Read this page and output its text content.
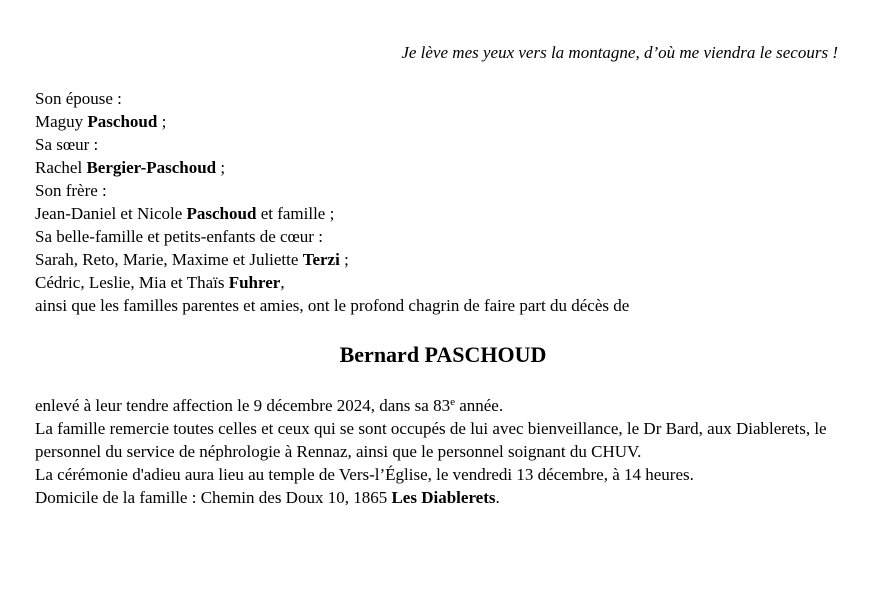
Je lève mes yeux vers la montagne, d’où me viendra le secours !
Son épouse :
Maguy Paschoud ;
Sa sœur :
Rachel Bergier-Paschoud ;
Son frère :
Jean-Daniel et Nicole Paschoud et famille ;
Sa belle-famille et petits-enfants de cœur :
Sarah, Reto, Marie, Maxime et Juliette Terzi ;
Cédric, Leslie, Mia et Thaïs Fuhrer,
ainsi que les familles parentes et amies, ont le profond chagrin de faire part du décès de
Bernard PASCHOUD
enlevé à leur tendre affection le 9 décembre 2024, dans sa 83e année.
La famille remercie toutes celles et ceux qui se sont occupés de lui avec bienveillance, le Dr Bard, aux Diablerets, le personnel du service de néphrologie à Rennaz, ainsi que le personnel soignant du CHUV.
La cérémonie d'adieu aura lieu au temple de Vers-l’Église, le vendredi 13 décembre, à 14 heures.
Domicile de la famille : Chemin des Doux 10, 1865 Les Diablerets.
